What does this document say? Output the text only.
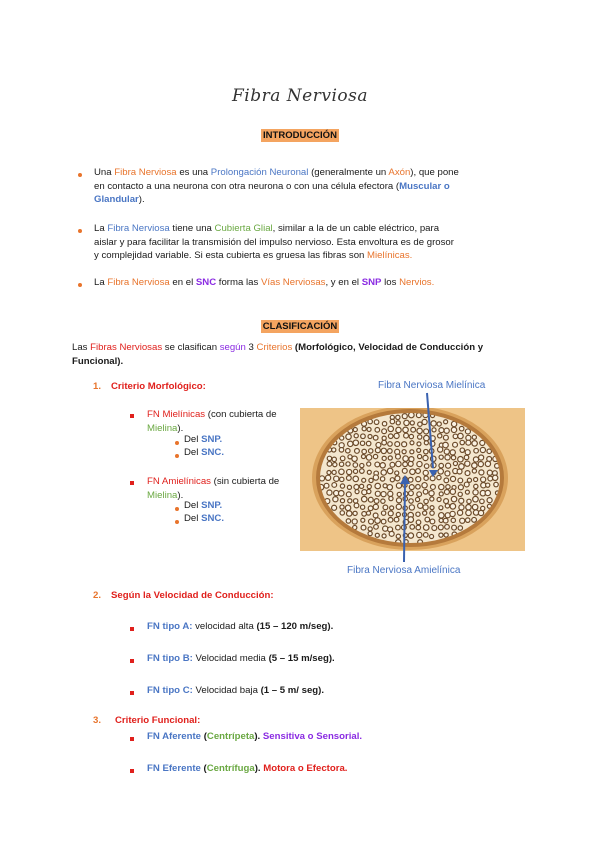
Fibra Nerviosa
INTRODUCCIÓN
Una Fibra Nerviosa es una Prolongación Neuronal (generalmente un Axón), que pone
en contacto a una neurona con otra neurona o con una célula efectora (Muscular o
Glandular).
La Fibra Nerviosa tiene una Cubierta Glial, similar a la de un cable eléctrico, para
aislar y para facilitar la transmisión del impulso nervioso. Esta envoltura es de grosor
y complejidad variable. Si esta cubierta es gruesa las fibras son Mielínicas.
La Fibra Nerviosa en el SNC forma las Vías Nerviosas, y en el SNP los Nervios.
CLASIFICACIÓN
Las Fibras Nerviosas se clasifican según 3 Criterios (Morfológico, Velocidad de Conducción y
Funcional).
1. Criterio Morfológico:
FN Mielínicas (con cubierta de
Mielina).
Del SNP.
Del SNC.
FN Amielínicas (sin cubierta de
Mielina).
Del SNP.
Del SNC.
Fibra Nerviosa Mielínica
Fibra Nerviosa Amielínica
2. Según la Velocidad de Conducción:
FN tipo A: velocidad alta (15 – 120 m/seg).
FN tipo B: Velocidad media (5 – 15 m/seg).
FN tipo C: Velocidad baja (1 – 5 m/ seg).
3. Criterio Funcional:
FN Aferente (Centrípeta). Sensitiva o Sensorial.
FN Eferente (Centrífuga). Motora o Efectora.
